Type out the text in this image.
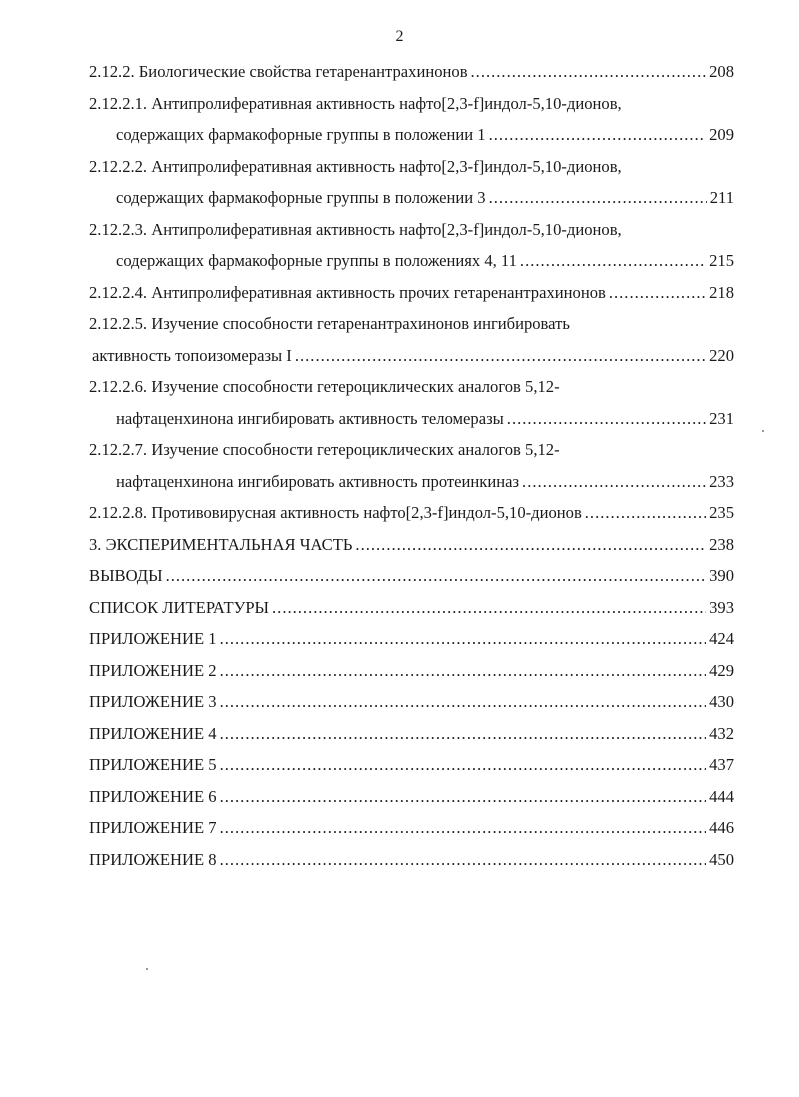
2
2.12.2. Биологические свойства гетаренантрахинонов .....	208
2.12.2.1. Антипролиферативная активность нафто[2,3-f]индол-5,10-дионов,
содержащих фармакофорные группы в положении 1 .....	209
2.12.2.2. Антипролиферативная активность нафто[2,3-f]индол-5,10-дионов,
содержащих фармакофорные группы в положении 3 .....	211
2.12.2.3. Антипролиферативная активность нафто[2,3-f]индол-5,10-дионов,
содержащих фармакофорные группы в положениях 4, 11 .....	215
2.12.2.4. Антипролиферативная активность прочих гетаренантрахинонов .....	218
2.12.2.5. Изучение способности гетаренантрахинонов ингибировать
активность топоизомеразы I .....	220
2.12.2.6. Изучение способности гетероциклических аналогов 5,12-
нафтаценхинона ингибировать активность теломеразы .....	231
2.12.2.7. Изучение способности гетероциклических аналогов 5,12-
нафтаценхинона ингибировать активность протеинкиназ .....	233
2.12.2.8. Противовирусная активность нафто[2,3-f]индол-5,10-дионов .....	235
3. ЭКСПЕРИМЕНТАЛЬНАЯ ЧАСТЬ .....	238
ВЫВОДЫ .....	390
СПИСОК ЛИТЕРАТУРЫ .....	393
ПРИЛОЖЕНИЕ 1 .....	424
ПРИЛОЖЕНИЕ 2 .....	429
ПРИЛОЖЕНИЕ 3 .....	430
ПРИЛОЖЕНИЕ 4 .....	432
ПРИЛОЖЕНИЕ 5 .....	437
ПРИЛОЖЕНИЕ 6 .....	444
ПРИЛОЖЕНИЕ 7 .....	446
ПРИЛОЖЕНИЕ 8 .....	450
